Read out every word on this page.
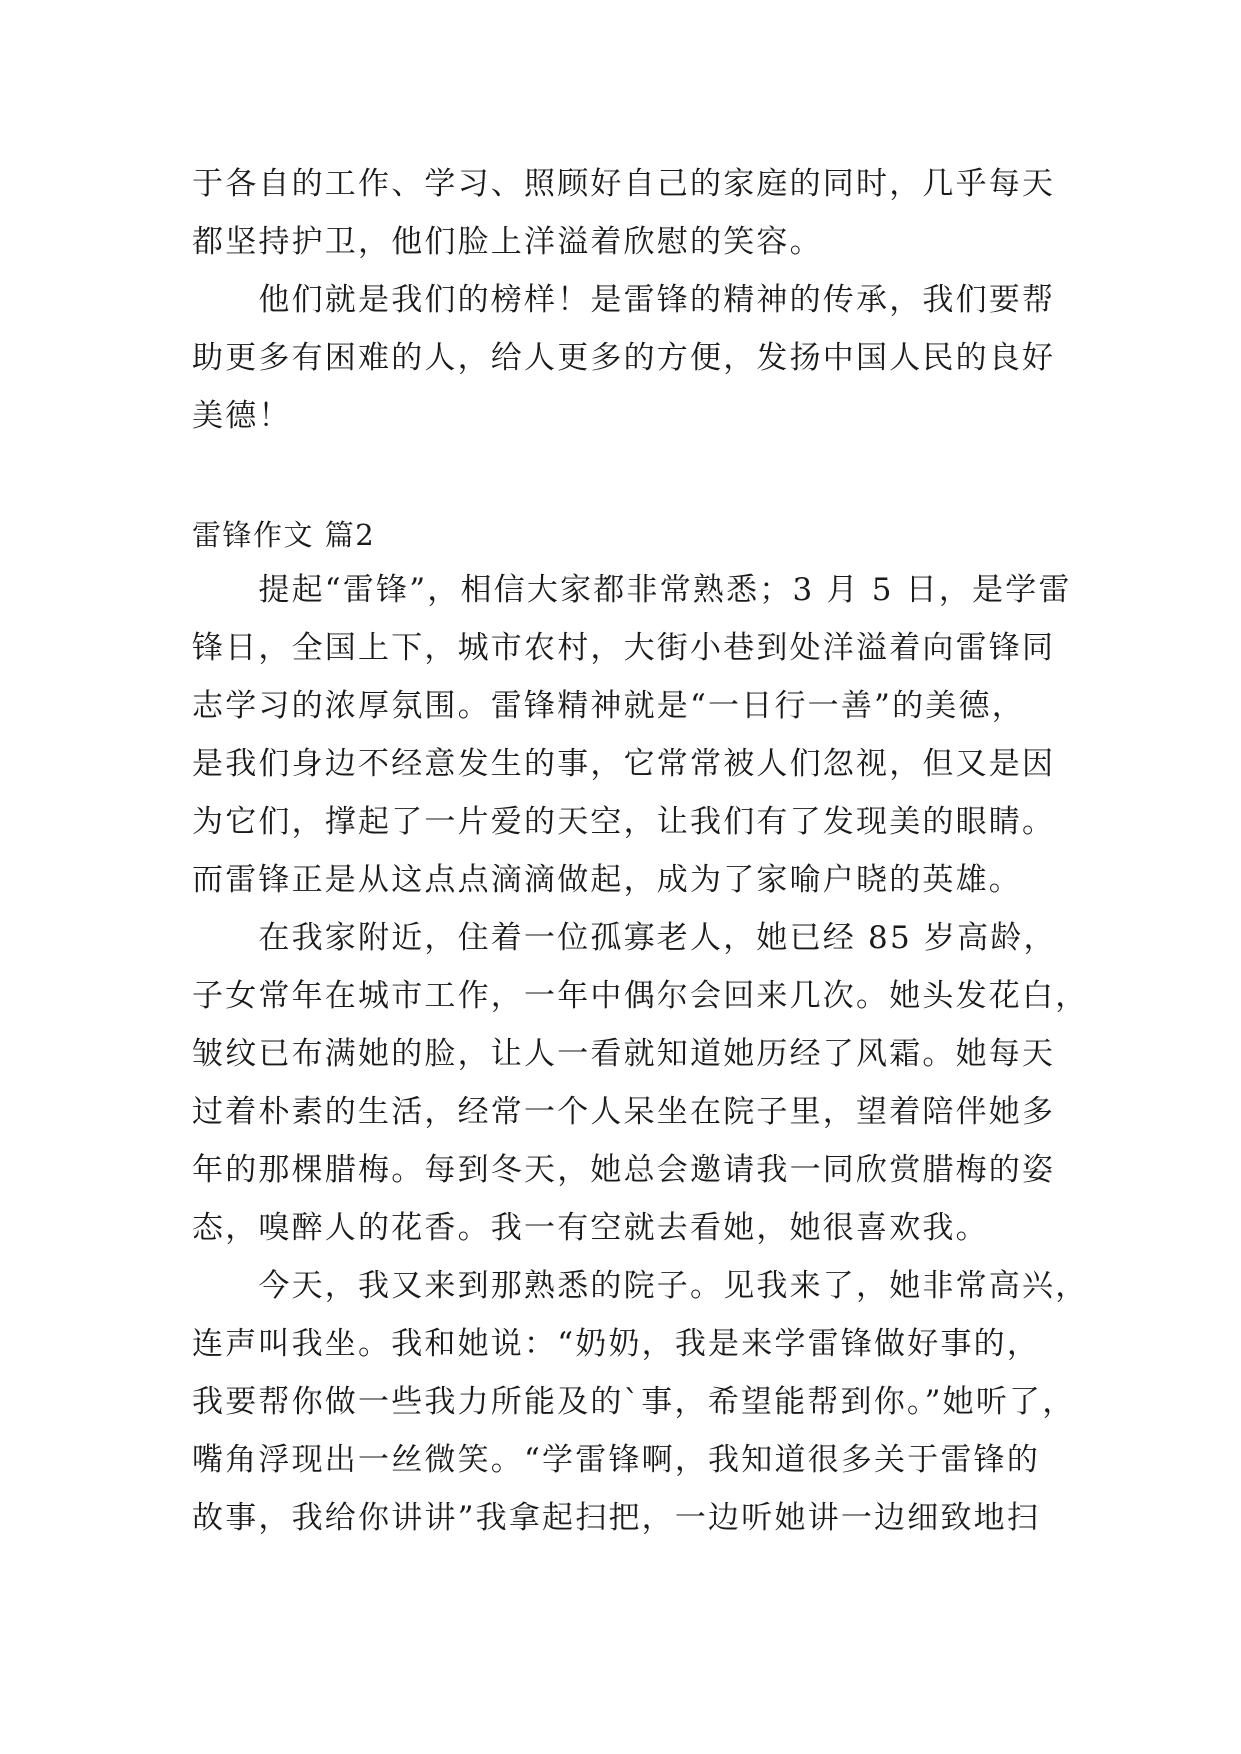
于各自的工作、学习、照顾好自己的家庭的同时，几乎每天
都坚持护卫，他们脸上洋溢着欣慰的笑容。
　　他们就是我们的榜样！是雷锋的精神的传承，我们要帮
助更多有困难的人，给人更多的方便，发扬中国人民的良好
美德！
雷锋作文 篇2
　　提起“雷锋”，相信大家都非常熟悉；3 月 5 日，是学雷
锋日，全国上下，城市农村，大街小巷到处洋溢着向雷锋同
志学习的浓厚氛围。雷锋精神就是“一日行一善”的美德，
是我们身边不经意发生的事，它常常被人们忽视，但又是因
为它们，撑起了一片爱的天空，让我们有了发现美的眼睛。
而雷锋正是从这点点滴滴做起，成为了家喻户晓的英雄。
　　在我家附近，住着一位孤寡老人，她已经 85 岁高龄，
子女常年在城市工作，一年中偶尔会回来几次。她头发花白，
皱纹已布满她的脸，让人一看就知道她历经了风霜。她每天
过着朴素的生活，经常一个人呆坐在院子里，望着陪伴她多
年的那棵腊梅。每到冬天，她总会邀请我一同欣赏腊梅的姿
态，嗅醉人的花香。我一有空就去看她，她很喜欢我。
　　今天，我又来到那熟悉的院子。见我来了，她非常高兴，
连声叫我坐。我和她说：“奶奶，我是来学雷锋做好事的，
我要帮你做一些我力所能及的`事，希望能帮到你。”她听了，
嘴角浮现出一丝微笑。“学雷锋啊，我知道很多关于雷锋的
故事，我给你讲讲”我拿起扫把，一边听她讲一边细致地扫
